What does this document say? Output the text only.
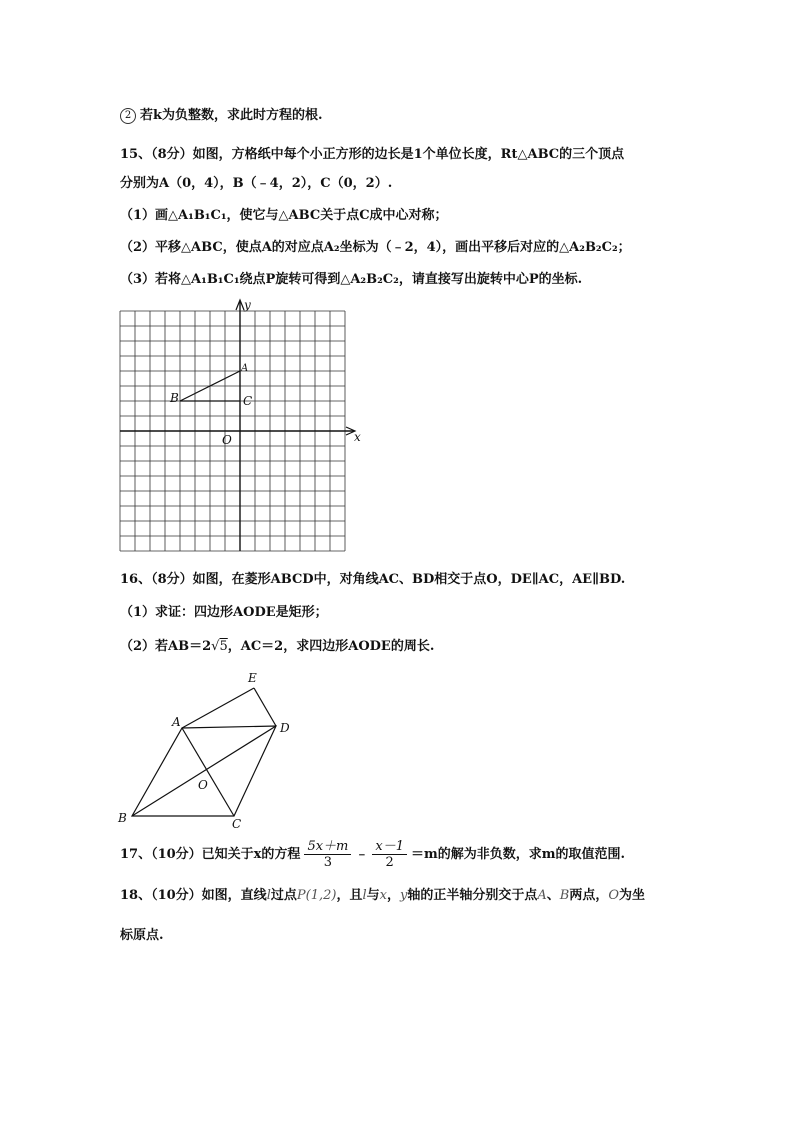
2 若k为负整数，求此时方程的根.
15、（8分）如图，方格纸中每个小正方形的边长是1个单位长度，Rt△ABC的三个顶点
分别为A（0，4），B（﹣4，2），C（0，2）.
（1）画△A₁B₁C₁，使它与△ABC关于点C成中心对称；
（2）平移△ABC，使点A的对应点A₂坐标为（﹣2，4），画出平移后对应的△A₂B₂C₂；
（3）若将△A₁B₁C₁绕点P旋转可得到△A₂B₂C₂，请直接写出旋转中心P的坐标.
y
x
A
B	C
O
16、（8分）如图，在菱形ABCD中，对角线AC、BD相交于点O，DE∥AC，AE∥BD.
（1）求证：四边形AODE是矩形；
（2）若AB＝2√5，AC＝2，求四边形AODE的周长.
E
A	D
O
B	C
17、（10分）已知关于x的方程 $\frac{5x+m}{3}$ ﹣ $\frac{x-1}{2} =m$的解为非负数，求m的取值范围.
18、（10分）如图，直线l过点P(1,2)，且l与x，y轴的正半轴分别交于点A、B两点，O为坐
标原点.
